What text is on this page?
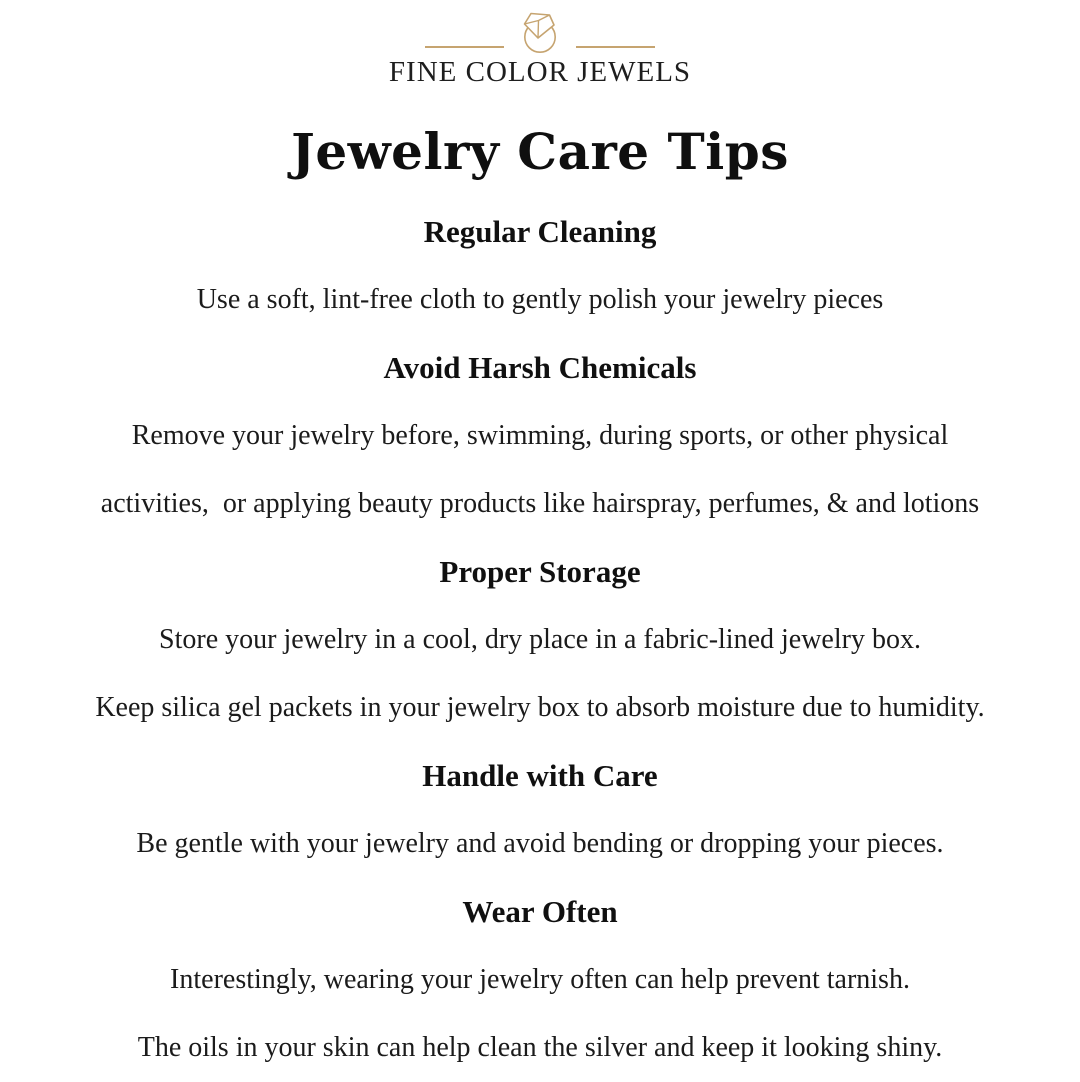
FINE COLOR JEWELS
Jewelry Care Tips
Regular Cleaning

Use a soft, lint-free cloth to gently polish your jewelry pieces

Avoid Harsh Chemicals

Remove your jewelry before, swimming, during sports, or other physical

activities,  or applying beauty products like hairspray, perfumes, & and lotions

Proper Storage

Store your jewelry in a cool, dry place in a fabric-lined jewelry box.

Keep silica gel packets in your jewelry box to absorb moisture due to humidity.

Handle with Care

Be gentle with your jewelry and avoid bending or dropping your pieces.

Wear Often

Interestingly, wearing your jewelry often can help prevent tarnish.

The oils in your skin can help clean the silver and keep it looking shiny.
